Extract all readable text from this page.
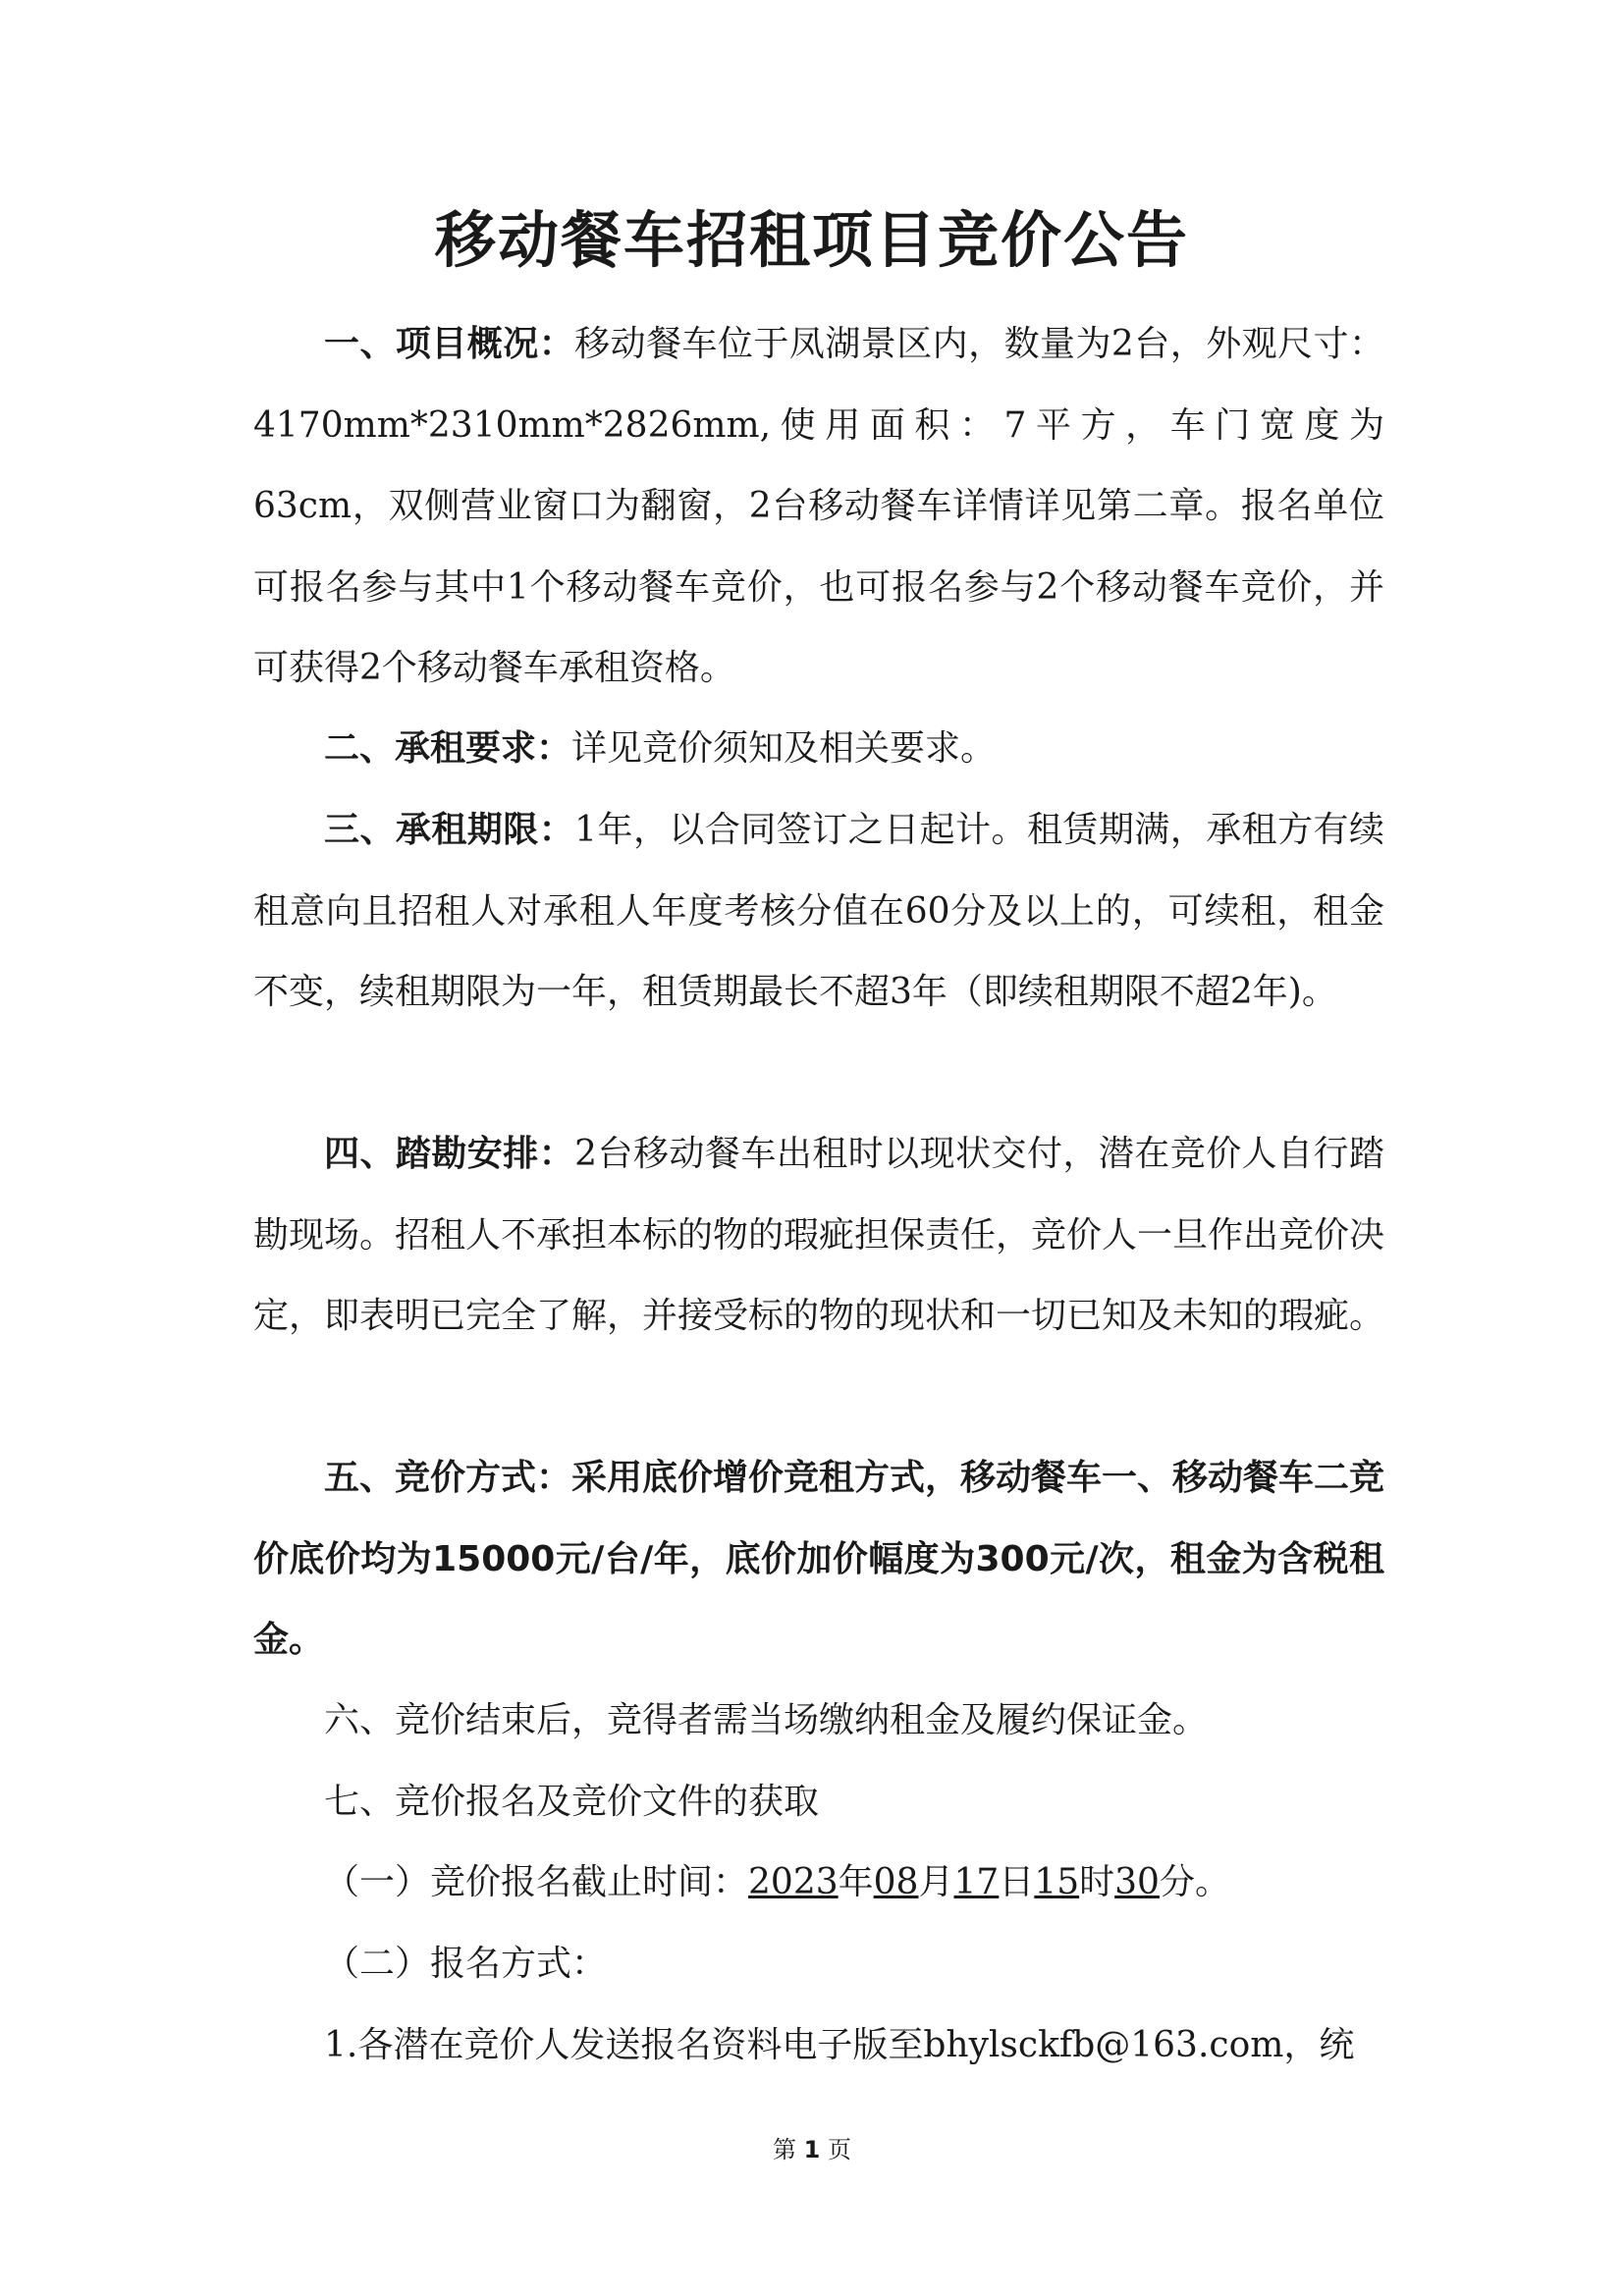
移动餐车招租项目竞价公告

一、项目概况：移动餐车位于凤湖景区内，数量为2台，外观尺寸：4170mm*2310mm*2826mm,使用面积：7平方，车门宽度为63cm，双侧营业窗口为翻窗，2台移动餐车详情详见第二章。报名单位可报名参与其中1个移动餐车竞价，也可报名参与2个移动餐车竞价，并可获得2个移动餐车承租资格。

二、承租要求：详见竞价须知及相关要求。

三、承租期限：1年，以合同签订之日起计。租赁期满，承租方有续租意向且招租人对承租人年度考核分值在60分及以上的，可续租，租金不变，续租期限为一年，租赁期最长不超3年（即续租期限不超2年)。

四、踏勘安排：2台移动餐车出租时以现状交付，潜在竞价人自行踏勘现场。招租人不承担本标的物的瑕疵担保责任，竞价人一旦作出竞价决定，即表明已完全了解，并接受标的物的现状和一切已知及未知的瑕疵。

五、竞价方式：采用底价增价竞租方式，移动餐车一、移动餐车二竞价底价均为15000元/台/年，底价加价幅度为300元/次，租金为含税租金。

六、竞价结束后，竞得者需当场缴纳租金及履约保证金。

七、竞价报名及竞价文件的获取

（一）竞价报名截止时间：2023年08月17日15时30分。

（二）报名方式：

1.各潜在竞价人发送报名资料电子版至bhylsckfb@163.com，统

第 1 页
